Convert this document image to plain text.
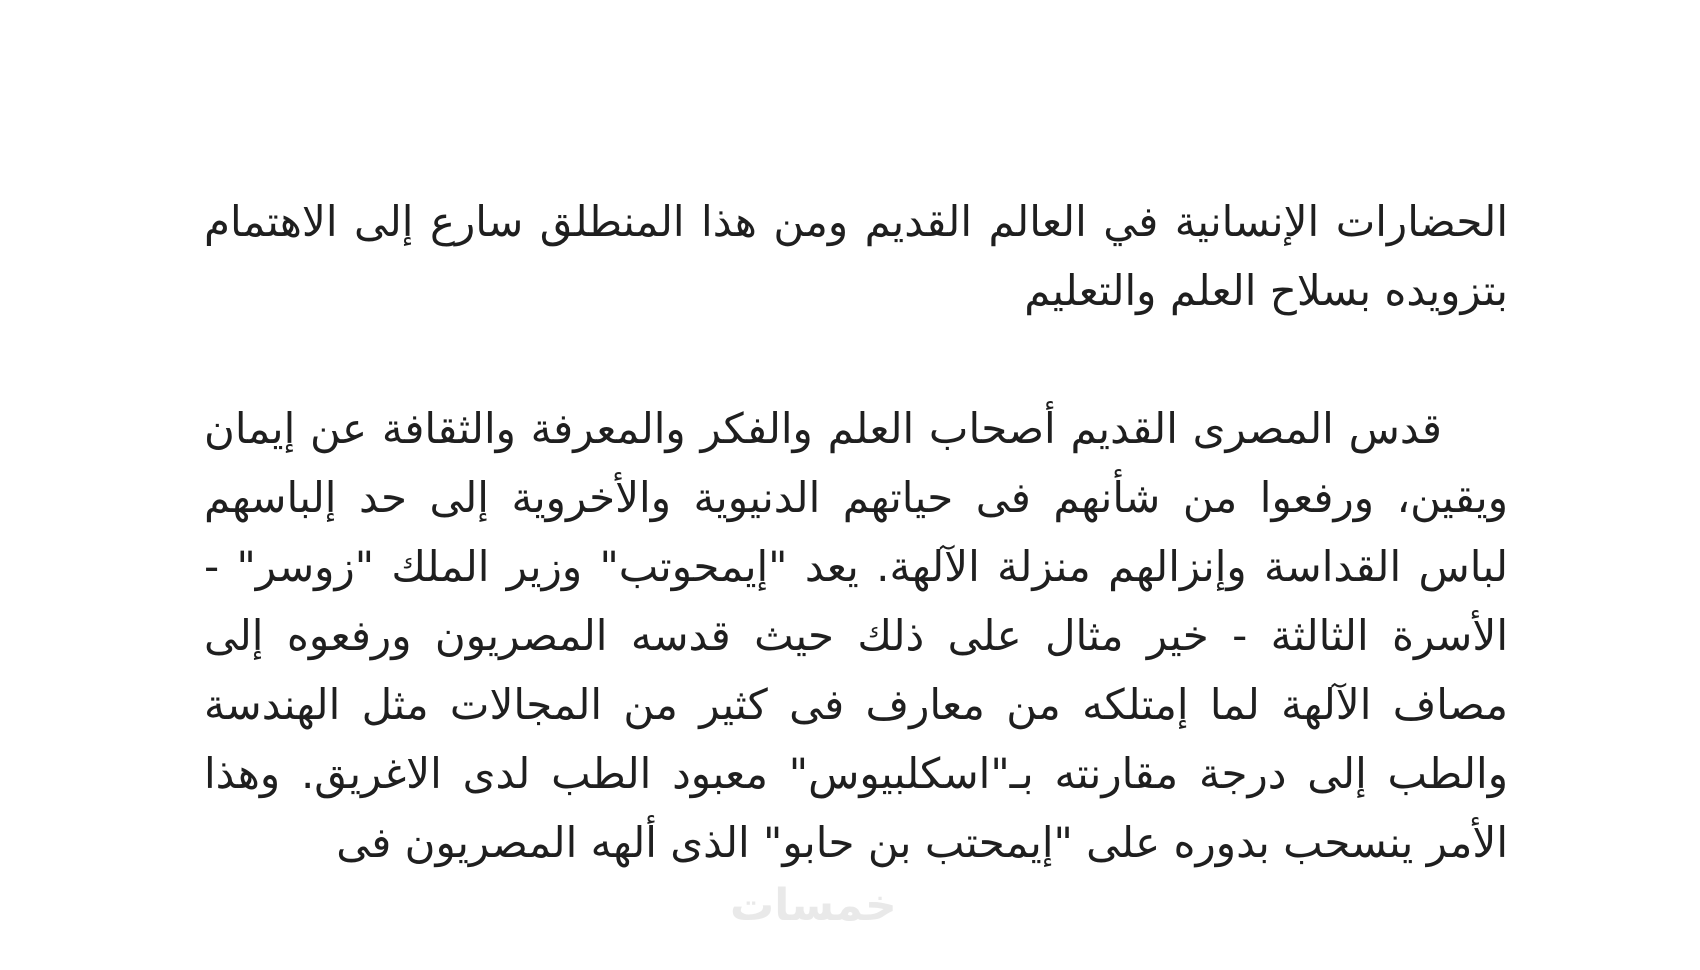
الحضارات الإنسانية في العالم القديم ومن هذا المنطلق سارع إلى الاهتمام بتزويده بسلاح العلم والتعليم

قدس المصرى القديم أصحاب العلم والفكر والمعرفة والثقافة عن إيمان ويقين، ورفعوا من شأنهم فى حياتهم الدنيوية والأخروية إلى حد إلباسهم لباس القداسة وإنزالهم منزلة الآلهة. يعد "إيمحوتب" وزير الملك "زوسر" - الأسرة الثالثة - خير مثال على ذلك حيث قدسه المصريون ورفعوه إلى مصاف الآلهة لما إمتلكه من معارف فى كثير من المجالات مثل الهندسة والطب إلى درجة مقارنته بـ"اسكلبيوس" معبود الطب لدى الاغريق. وهذا الأمر ينسحب بدوره على "إيمحتب بن حابو" الذى ألهه المصريون فى

خمسات
